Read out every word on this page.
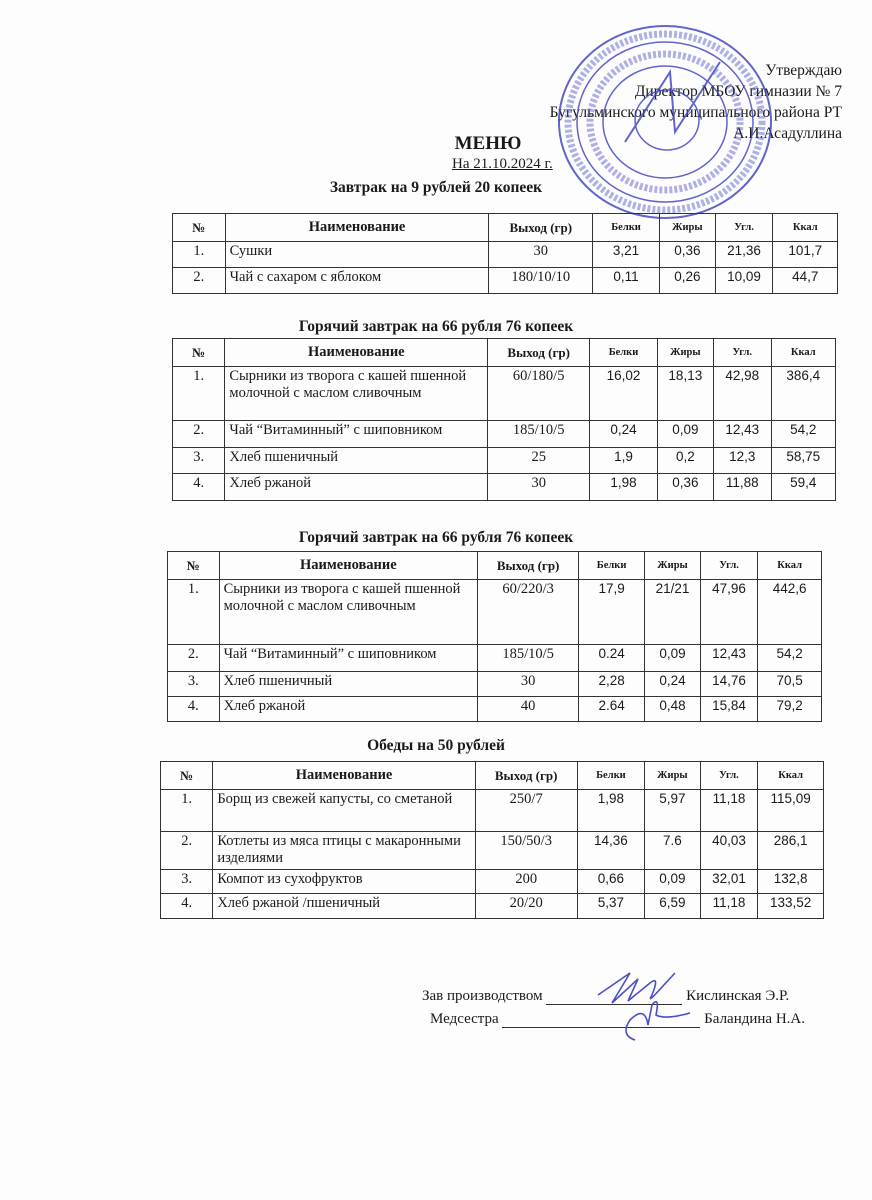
Утверждаю
Директор МБОУ гимназии № 7
Бугульминского муниципального района РТ
А.И.Асадуллина
МЕНЮ
На 21.10.2024 г.
Завтрак на 9 рублей 20 копеек
№	Наименование	Выход (гр)	Белки	Жиры	Угл.	Ккал
1.	Сушки	30	3,21	0,36	21,36	101,7
2.	Чай с сахаром с яблоком	180/10/10	0,11	0,26	10,09	44,7
Горячий завтрак на 66 рубля 76 копеек
№	Наименование	Выход (гр)	Белки	Жиры	Угл.	Ккал
1.	Сырники из творога с кашей пшенной молочной с маслом сливочным	60/180/5	16,02	18,13	42,98	386,4
2.	Чай “Витаминный” с шиповником	185/10/5	0,24	0,09	12,43	54,2
3.	Хлеб пшеничный	25	1,9	0,2	12,3	58,75
4.	Хлеб ржаной	30	1,98	0,36	11,88	59,4
Горячий завтрак на 66 рубля 76 копеек
№	Наименование	Выход (гр)	Белки	Жиры	Угл.	Ккал
1.	Сырники из творога с кашей пшенной молочной с маслом сливочным	60/220/3	17,9	21/21	47,96	442,6
2.	Чай “Витаминный” с шиповником	185/10/5	0.24	0,09	12,43	54,2
3.	Хлеб пшеничный	30	2,28	0,24	14,76	70,5
4.	Хлеб ржаной	40	2.64	0,48	15,84	79,2
Обеды на 50 рублей
№	Наименование	Выход (гр)	Белки	Жиры	Угл.	Ккал
1.	Борщ из свежей капусты, со сметаной	250/7	1,98	5,97	11,18	115,09
2.	Котлеты из мяса птицы с макаронными изделиями	150/50/3	14,36	7.6	40,03	286,1
3.	Компот из сухофруктов	200	0,66	0,09	32,01	132,8
4.	Хлеб ржаной /пшеничный	20/20	5,37	6,59	11,18	133,52
Зав производством	Кислинская Э.Р.
Медсестра	Баландина Н.А.
